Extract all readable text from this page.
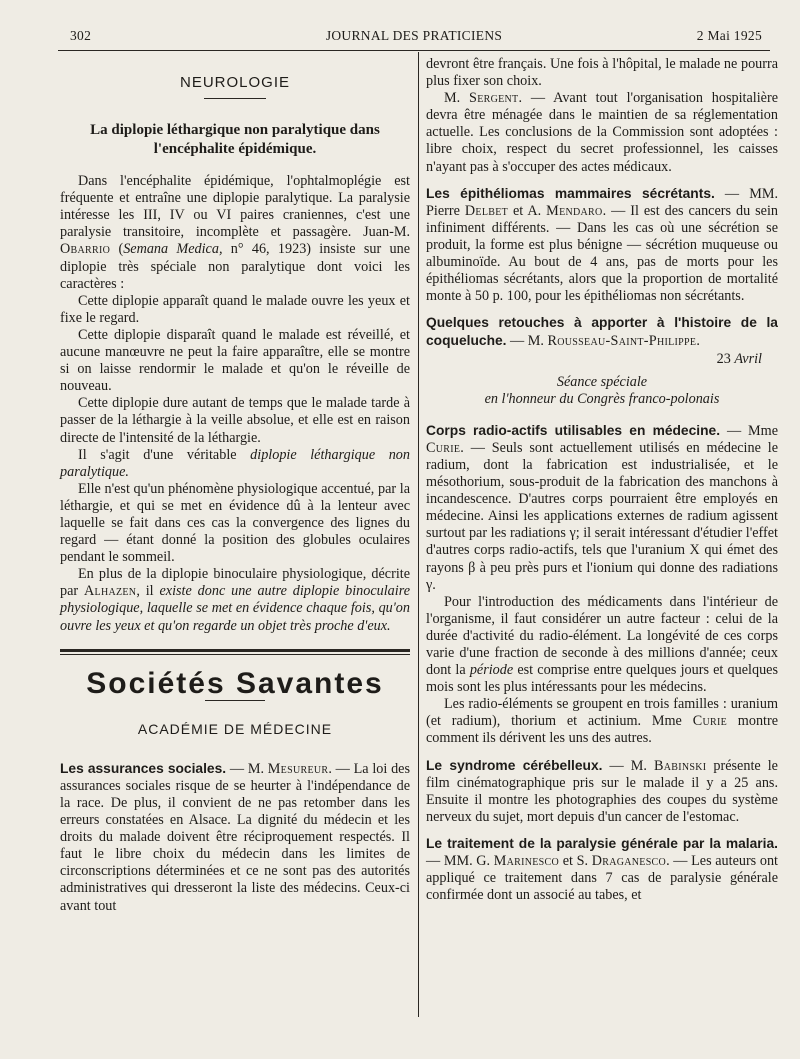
302	JOURNAL DES PRATICIENS	2 Mai 1925
NEUROLOGIE
La diplopie léthargique non paralytique dans l'encéphalite épidémique.

Dans l'encéphalite épidémique, l'ophtalmoplégie est fréquente et entraîne une diplopie paralytique. La paralysie intéresse les III, IV ou VI paires craniennes, c'est une paralysie transitoire, incomplète et passagère. Juan-M. Obarrio (Semana Medica, n° 46, 1923) insiste sur une diplopie très spéciale non paralytique dont voici les caractères :

Cette diplopie apparaît quand le malade ouvre les yeux et fixe le regard.

Cette diplopie disparaît quand le malade est réveillé, et aucune manœuvre ne peut la faire apparaître, elle se montre si on laisse rendormir le malade et qu'on le réveille de nouveau.

Cette diplopie dure autant de temps que le malade tarde à passer de la léthargie à la veille absolue, et elle est en raison directe de l'intensité de la léthargie.

Il s'agit d'une véritable diplopie léthargique non paralytique.

Elle n'est qu'un phénomène physiologique accentué, par la léthargie, et qui se met en évidence dû à la lenteur avec laquelle se fait dans ces cas la convergence des lignes du regard — étant donné la position des globules oculaires pendant le sommeil.

En plus de la diplopie binoculaire physiologique, décrite par Alhazen, il existe donc une autre diplopie binoculaire physiologique, laquelle se met en évidence chaque fois, qu'on ouvre les yeux et qu'on regarde un objet très proche d'eux.

Sociétés Savantes
ACADÉMIE DE MÉDECINE

Les assurances sociales. — M. Mesureur. — La loi des assurances sociales risque de se heurter à l'indépendance de la race. De plus, il convient de ne pas retomber dans les erreurs constatées en Alsace. La dignité du médecin et les droits du malade doivent être réciproquement respectés. Il faut le libre choix du médecin dans les limites de circonscriptions déterminées et ce ne sont pas des autorités administratives qui dresseront la liste des médecins. Ceux-ci avant tout

devront être français. Une fois à l'hôpital, le malade ne pourra plus fixer son choix.

M. Sergent. — Avant tout l'organisation hospitalière devra être ménagée dans le maintien de sa réglementation actuelle. Les conclusions de la Commission sont adoptées : libre choix, respect du secret professionnel, les caisses n'ayant pas à s'occuper des actes médicaux.

Les épithéliomas mammaires sécrétants. — MM. Pierre Delbet et A. Mendaro. — Il est des cancers du sein infiniment différents. — Dans les cas où une sécrétion se produit, la forme est plus bénigne — sécrétion muqueuse ou albuminoïde. Au bout de 4 ans, pas de morts pour les épithéliomas sécrétants, alors que la proportion de mortalité monte à 50 p. 100, pour les épithéliomas non sécrétants.

Quelques retouches à apporter à l'histoire de la coqueluche. — M. Rousseau-Saint-Philippe.

23 Avril
Séance spéciale
en l'honneur du Congrès franco-polonais

Corps radio-actifs utilisables en médecine. — Mme Curie. — Seuls sont actuellement utilisés en médecine le radium, dont la fabrication est industrialisée, et le mésothorium, sous-produit de la fabrication des manchons à incandescence. D'autres corps pourraient être employés en médecine. Ainsi les applications externes de radium agissent surtout par les radiations γ; il serait intéressant d'étudier l'effet d'autres corps radio-actifs, tels que l'uranium X qui émet des rayons β à peu près purs et l'ionium qui donne des radiations γ.

Pour l'introduction des médicaments dans l'intérieur de l'organisme, il faut considérer un autre facteur : celui de la durée d'activité du radio-élément. La longévité de ces corps varie d'une fraction de seconde à des millions d'année; ceux dont la période est comprise entre quelques jours et quelques mois sont les plus intéressants pour les médecins.

Les radio-éléments se groupent en trois familles : uranium (et radium), thorium et actinium. Mme Curie montre comment ils dérivent les uns des autres.

Le syndrome cérébelleux. — M. Babinski présente le film cinématographique pris sur le malade il y a 25 ans. Ensuite il montre les photographies des coupes du système nerveux du sujet, mort depuis d'un cancer de l'estomac.

Le traitement de la paralysie générale par la malaria. — MM. G. Marinesco et S. Draganesco. — Les auteurs ont appliqué ce traitement dans 7 cas de paralysie générale confirmée dont un associé au tabes, et
